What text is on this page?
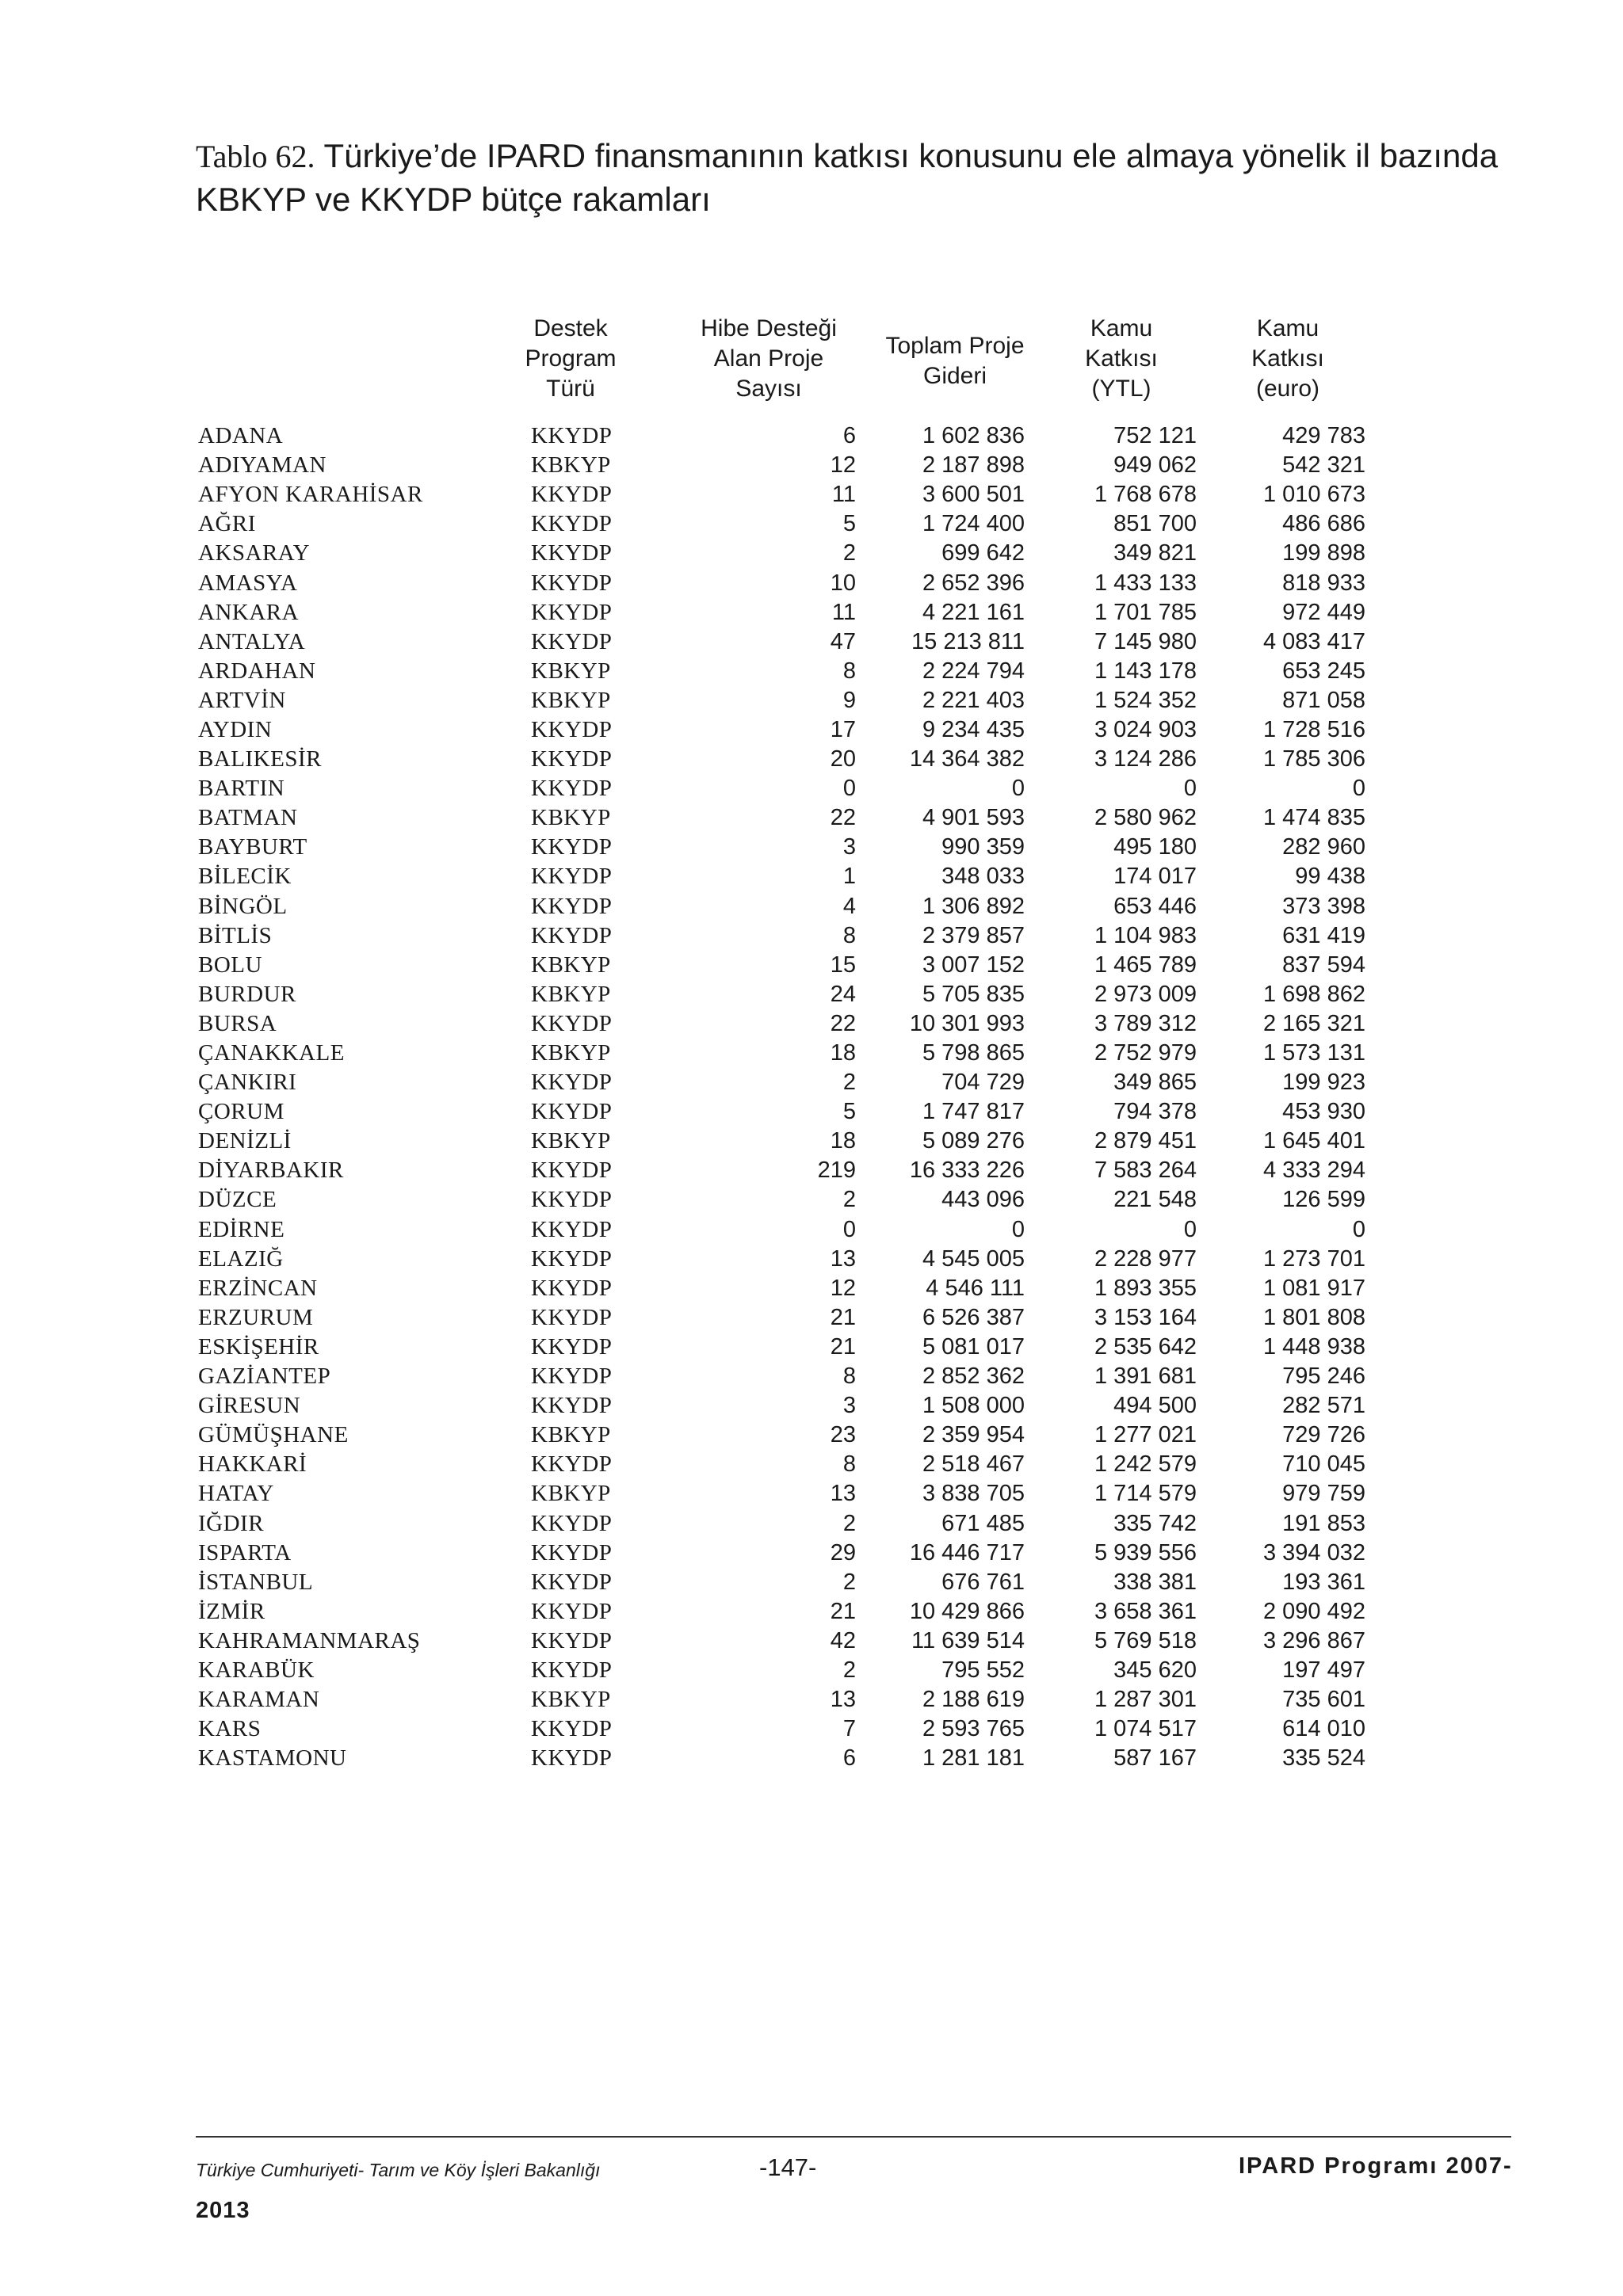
Tablo 62. Türkiye’de IPARD finansmanının katkısı konusunu ele almaya yönelik il bazında KBKYP ve KKYDP bütçe rakamları
Destek
Program
Türü
Hibe Desteği
Alan Proje
Sayısı
Toplam Proje
Gideri
Kamu
Katkısı
(YTL)
Kamu
Katkısı
(euro)
ADANA	KKYDP	6	1 602 836	752 121	429 783
ADIYAMAN	KBKYP	12	2 187 898	949 062	542 321
AFYON KARAHİSAR	KKYDP	11	3 600 501	1 768 678	1 010 673
AĞRI	KKYDP	5	1 724 400	851 700	486 686
AKSARAY	KKYDP	2	699 642	349 821	199 898
AMASYA	KKYDP	10	2 652 396	1 433 133	818 933
ANKARA	KKYDP	11	4 221 161	1 701 785	972 449
ANTALYA	KKYDP	47	15 213 811	7 145 980	4 083 417
ARDAHAN	KBKYP	8	2 224 794	1 143 178	653 245
ARTVİN	KBKYP	9	2 221 403	1 524 352	871 058
AYDIN	KKYDP	17	9 234 435	3 024 903	1 728 516
BALIKESİR	KKYDP	20	14 364 382	3 124 286	1 785 306
BARTIN	KKYDP	0	0	0	0
BATMAN	KBKYP	22	4 901 593	2 580 962	1 474 835
BAYBURT	KKYDP	3	990 359	495 180	282 960
BİLECİK	KKYDP	1	348 033	174 017	99 438
BİNGÖL	KKYDP	4	1 306 892	653 446	373 398
BİTLİS	KKYDP	8	2 379 857	1 104 983	631 419
BOLU	KBKYP	15	3 007 152	1 465 789	837 594
BURDUR	KBKYP	24	5 705 835	2 973 009	1 698 862
BURSA	KKYDP	22	10 301 993	3 789 312	2 165 321
ÇANAKKALE	KBKYP	18	5 798 865	2 752 979	1 573 131
ÇANKIRI	KKYDP	2	704 729	349 865	199 923
ÇORUM	KKYDP	5	1 747 817	794 378	453 930
DENİZLİ	KBKYP	18	5 089 276	2 879 451	1 645 401
DİYARBAKIR	KKYDP	219	16 333 226	7 583 264	4 333 294
DÜZCE	KKYDP	2	443 096	221 548	126 599
EDİRNE	KKYDP	0	0	0	0
ELAZIĞ	KKYDP	13	4 545 005	2 228 977	1 273 701
ERZİNCAN	KKYDP	12	4 546 111	1 893 355	1 081 917
ERZURUM	KKYDP	21	6 526 387	3 153 164	1 801 808
ESKİŞEHİR	KKYDP	21	5 081 017	2 535 642	1 448 938
GAZİANTEP	KKYDP	8	2 852 362	1 391 681	795 246
GİRESUN	KKYDP	3	1 508 000	494 500	282 571
GÜMÜŞHANE	KBKYP	23	2 359 954	1 277 021	729 726
HAKKARİ	KKYDP	8	2 518 467	1 242 579	710 045
HATAY	KBKYP	13	3 838 705	1 714 579	979 759
IĞDIR	KKYDP	2	671 485	335 742	191 853
ISPARTA	KKYDP	29	16 446 717	5 939 556	3 394 032
İSTANBUL	KKYDP	2	676 761	338 381	193 361
İZMİR	KKYDP	21	10 429 866	3 658 361	2 090 492
KAHRAMANMARAŞ	KKYDP	42	11 639 514	5 769 518	3 296 867
KARABÜK	KKYDP	2	795 552	345 620	197 497
KARAMAN	KBKYP	13	2 188 619	1 287 301	735 601
KARS	KKYDP	7	2 593 765	1 074 517	614 010
KASTAMONU	KKYDP	6	1 281 181	587 167	335 524
Türkiye Cumhuriyeti- Tarım ve Köy İşleri Bakanlığı	-147-	IPARD Programı 2007-
2013
